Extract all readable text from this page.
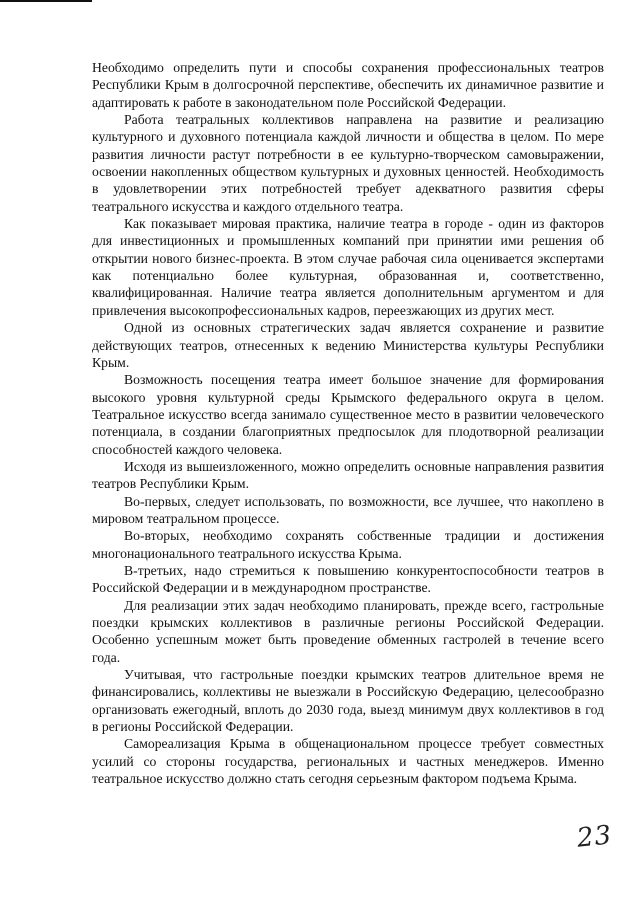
Необходимо определить пути и способы сохранения профессиональных театров Республики Крым в долгосрочной перспективе, обеспечить их динамичное развитие и адаптировать к работе в законодательном поле Российской Федерации.

Работа театральных коллективов направлена на развитие и реализацию культурного и духовного потенциала каждой личности и общества в целом. По мере развития личности растут потребности в ее культурно-творческом самовыражении, освоении накопленных обществом культурных и духовных ценностей. Необходимость в удовлетворении этих потребностей требует адекватного развития сферы театрального искусства и каждого отдельного театра.

Как показывает мировая практика, наличие театра в городе - один из факторов для инвестиционных и промышленных компаний при принятии ими решения об открытии нового бизнес-проекта. В этом случае рабочая сила оценивается экспертами как потенциально более культурная, образованная и, соответственно, квалифицированная. Наличие театра является дополнительным аргументом и для привлечения высокопрофессиональных кадров, переезжающих из других мест.

Одной из основных стратегических задач является сохранение и развитие действующих театров, отнесенных к ведению Министерства культуры Республики Крым.

Возможность посещения театра имеет большое значение для формирования высокого уровня культурной среды Крымского федерального округа в целом. Театральное искусство всегда занимало существенное место в развитии человеческого потенциала, в создании благоприятных предпосылок для плодотворной реализации способностей каждого человека.

Исходя из вышеизложенного, можно определить основные направления развития театров Республики Крым.

Во-первых, следует использовать, по возможности, все лучшее, что накоплено в мировом театральном процессе.

Во-вторых, необходимо сохранять собственные традиции и достижения многонационального театрального искусства Крыма.

В-третьих, надо стремиться к повышению конкурентоспособности театров в Российской Федерации и в международном пространстве.

Для реализации этих задач необходимо планировать, прежде всего, гастрольные поездки крымских коллективов в различные регионы Российской Федерации. Особенно успешным может быть проведение обменных гастролей в течение всего года.

Учитывая, что гастрольные поездки крымских театров длительное время не финансировались, коллективы не выезжали в Российскую Федерацию, целесообразно организовать ежегодный, вплоть до 2030 года, выезд минимум двух коллективов в год в регионы Российской Федерации.

Самореализация Крыма в общенациональном процессе требует совместных усилий со стороны государства, региональных и частных менеджеров. Именно театральное искусство должно стать сегодня серьезным фактором подъема Крыма.

23
